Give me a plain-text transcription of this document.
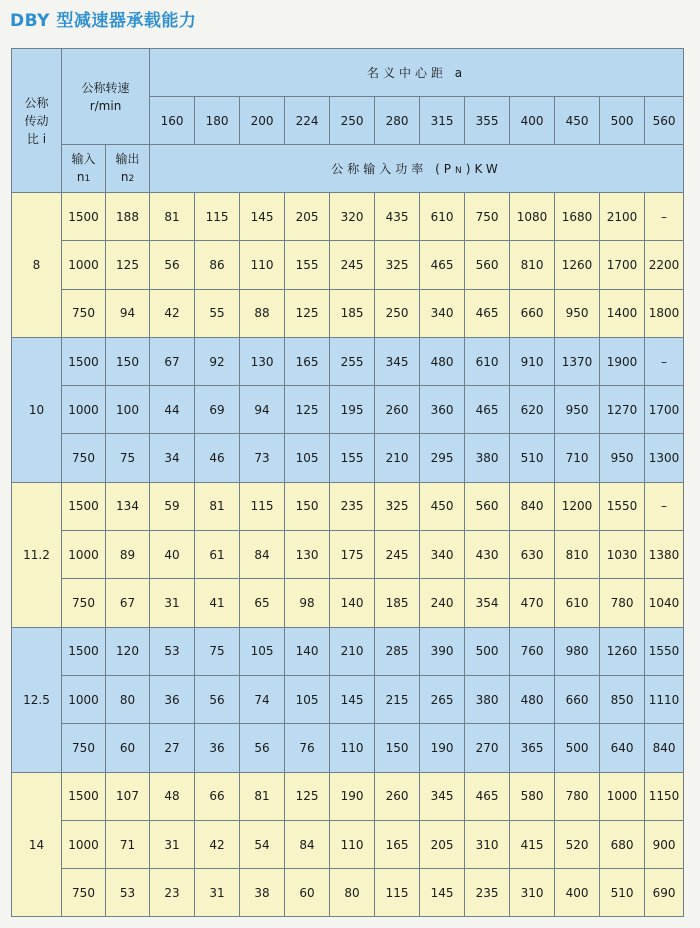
DBY 型减速器承载能力
公称
传动
比 i	公称转速
r/min		名义中心距 a											
			160	180	200	224	250	280	315	355	400	450	500	560
	输入
n1	输出
n2	公称输入功率 (PN)KW											
8	1500	188	81	115	145	205	320	435	610	750	1080	1680	2100	–
	1000	125	56	86	110	155	245	325	465	560	810	1260	1700	2200
	750	94	42	55	88	125	185	250	340	465	660	950	1400	1800
10	1500	150	67	92	130	165	255	345	480	610	910	1370	1900	–
	1000	100	44	69	94	125	195	260	360	465	620	950	1270	1700
	750	75	34	46	73	105	155	210	295	380	510	710	950	1300
11.2	1500	134	59	81	115	150	235	325	450	560	840	1200	1550	–
	1000	89	40	61	84	130	175	245	340	430	630	810	1030	1380
	750	67	31	41	65	98	140	185	240	354	470	610	780	1040
12.5	1500	120	53	75	105	140	210	285	390	500	760	980	1260	1550
	1000	80	36	56	74	105	145	215	265	380	480	660	850	1110
	750	60	27	36	56	76	110	150	190	270	365	500	640	840
14	1500	107	48	66	81	125	190	260	345	465	580	780	1000	1150
	1000	71	31	42	54	84	110	165	205	310	415	520	680	900
	750	53	23	31	38	60	80	115	145	235	310	400	510	690
